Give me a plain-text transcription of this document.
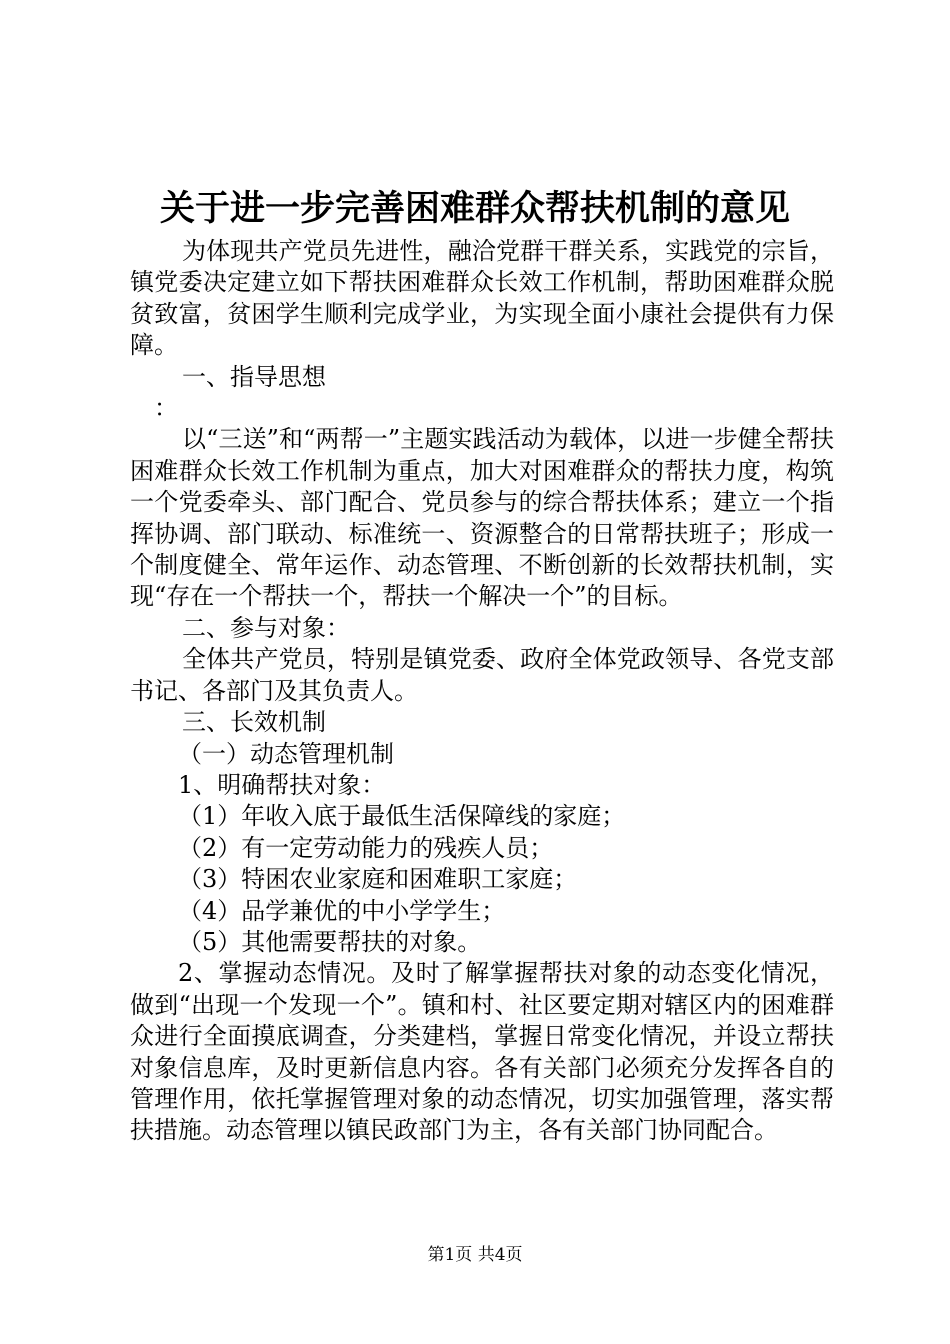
关于进一步完善困难群众帮扶机制的意见

为体现共产党员先进性，融洽党群干群关系，实践党的宗旨，镇党委决定建立如下帮扶困难群众长效工作机制，帮助困难群众脱贫致富，贫困学生顺利完成学业，为实现全面小康社会提供有力保障。

一、指导思想

：

以“三送”和“两帮一”主题实践活动为载体，以进一步健全帮扶困难群众长效工作机制为重点，加大对困难群众的帮扶力度，构筑一个党委牵头、部门配合、党员参与的综合帮扶体系；建立一个指挥协调、部门联动、标准统一、资源整合的日常帮扶班子；形成一个制度健全、常年运作、动态管理、不断创新的长效帮扶机制，实现“存在一个帮扶一个，帮扶一个解决一个”的目标。

二、参与对象：

全体共产党员，特别是镇党委、政府全体党政领导、各党支部书记、各部门及其负责人。

三、长效机制

（一）动态管理机制

1、明确帮扶对象：

（1）年收入底于最低生活保障线的家庭；

（2）有一定劳动能力的残疾人员；

（3）特困农业家庭和困难职工家庭；

（4）品学兼优的中小学学生；

（5）其他需要帮扶的对象。

2、掌握动态情况。及时了解掌握帮扶对象的动态变化情况，做到“出现一个发现一个”。镇和村、社区要定期对辖区内的困难群众进行全面摸底调查，分类建档，掌握日常变化情况，并设立帮扶对象信息库，及时更新信息内容。各有关部门必须充分发挥各自的管理作用，依托掌握管理对象的动态情况，切实加强管理，落实帮扶措施。动态管理以镇民政部门为主，各有关部门协同配合。

第1页 共4页
